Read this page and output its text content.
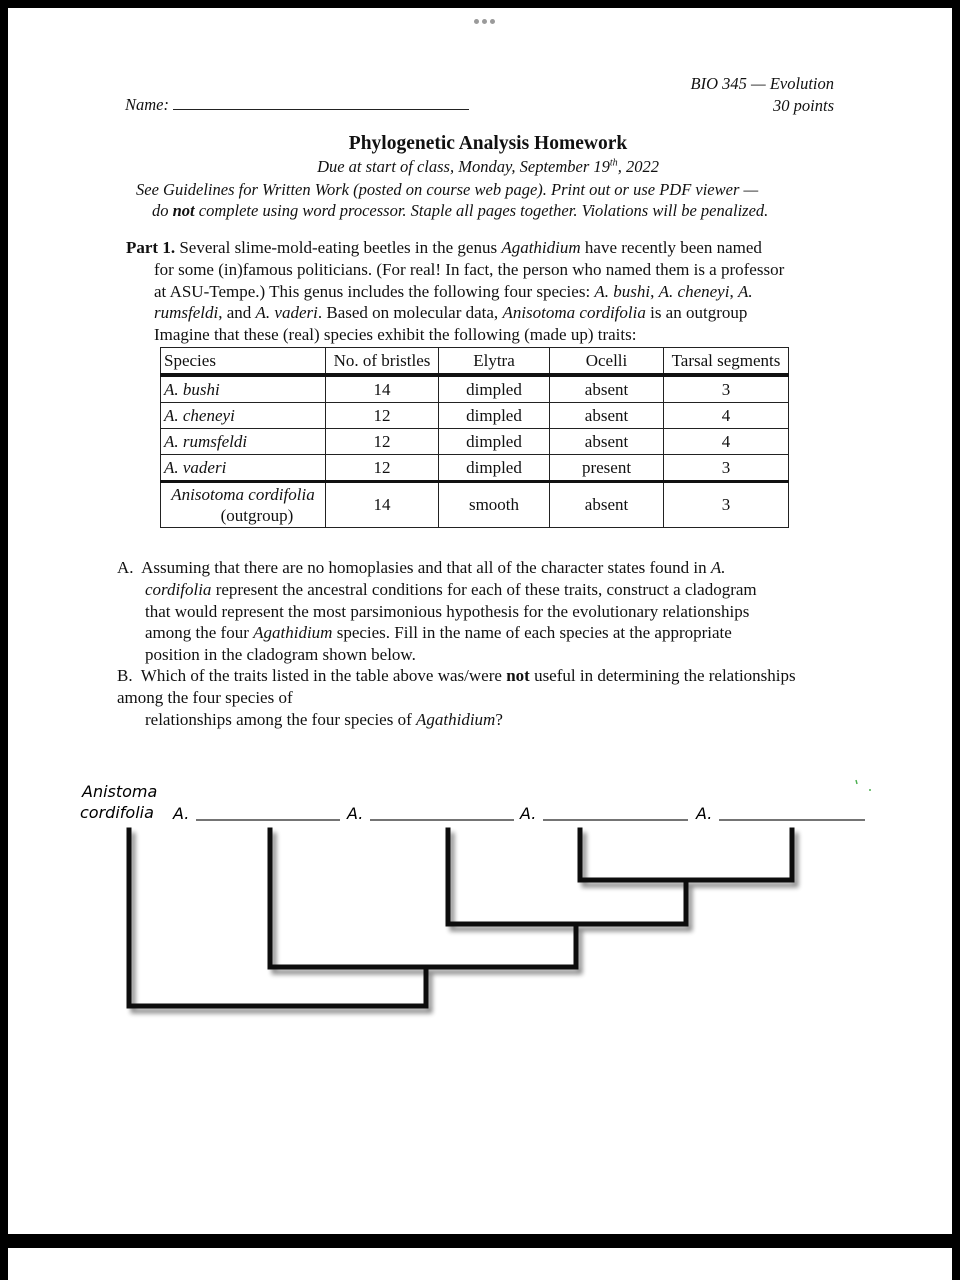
BIO 345 — Evolution
30 points
Name:
Phylogenetic Analysis Homework
Due at start of class, Monday, September 19th, 2022
See Guidelines for Written Work (posted on course web page). Print out or use PDF viewer —
do not complete using word processor. Staple all pages together. Violations will be penalized.
Part 1. Several slime-mold-eating beetles in the genus Agathidium have recently been named
for some (in)famous politicians. (For real! In fact, the person who named them is a professor
at ASU-Tempe.) This genus includes the following four species: A. bushi, A. cheneyi, A.
rumsfeldi, and A. vaderi. Based on molecular data, Anisotoma cordifolia is an outgroup
Imagine that these (real) species exhibit the following (made up) traits:
Species	No. of bristles	Elytra	Ocelli	Tarsal segments
A. bushi	14	dimpled	absent	3
A. cheneyi	12	dimpled	absent	4
A. rumsfeldi	12	dimpled	absent	4
A. vaderi	12	dimpled	present	3

Anisotoma cordifolia
(outgroup)	14	smooth	absent	3
A.  Assuming that there are no homoplasies and that all of the character states found in A.
cordifolia represent the ancestral conditions for each of these traits, construct a cladogram
that would represent the most parsimonious hypothesis for the evolutionary relationships
among the four Agathidium species. Fill in the name of each species at the appropriate
position in the cladogram shown below.
B. Which of the traits listed in the table above was/were not useful in determining the relationships among the four species of
relationships among the four species of Agathidium?
Anistoma
cordifolia A.	A.	A.	A.
